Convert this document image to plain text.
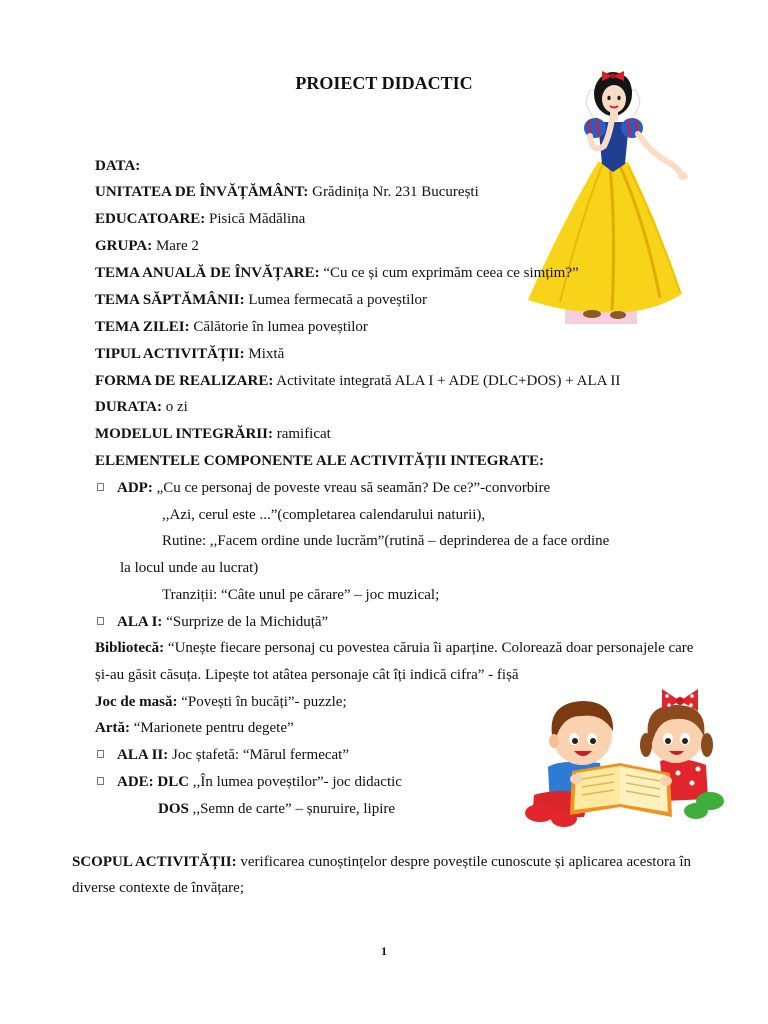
PROIECT DIDACTIC
DATA:
UNITATEA DE ÎNVĂȚĂMÂNT: Grădinița Nr. 231 București
EDUCATOARE: Pisică Mădălina
GRUPA: Mare 2
TEMA ANUALĂ DE ÎNVĂȚARE: “Cu ce și cum exprimăm ceea ce simțim?”
TEMA SĂPTĂMÂNII: Lumea fermecată a poveștilor
TEMA ZILEI: Călătorie în lumea poveștilor
TIPUL ACTIVITĂȚII: Mixtă
FORMA DE REALIZARE: Activitate integrată ALA I + ADE (DLC+DOS) + ALA II
DURATA: o zi
MODELUL INTEGRĂRII: ramificat
ELEMENTELE COMPONENTE ALE ACTIVITĂȚII INTEGRATE:
ADP: „Cu ce personaj de poveste vreau să seamăn? De ce?”-convorbire
,,Azi, cerul este ...”(completarea calendarului naturii),
Rutine: ,,Facem ordine unde lucrăm”(rutină – deprinderea de a face ordine
la locul unde au lucrat)
Tranziții: “Câte unul pe cărare” – joc muzical;
ALA I: “Surprize de la Michiduță”
Bibliotecă: “Unește fiecare personaj cu povestea căruia îi aparține. Colorează doar personajele care
și-au găsit căsuța. Lipește tot atâtea personaje cât îți indică cifra” - fișă
Joc de masă: “Povești în bucăți”- puzzle;
Artă: “Marionete pentru degete”
ALA II: Joc ștafetă: “Mărul fermecat”
ADE: DLC ,,În lumea poveștilor”- joc didactic
DOS ,,Semn de carte” – șnuruire, lipire
SCOPUL ACTIVITĂȚII: verificarea cunoștințelor despre poveștile cunoscute și aplicarea acestora în
diverse contexte de învățare;
1
